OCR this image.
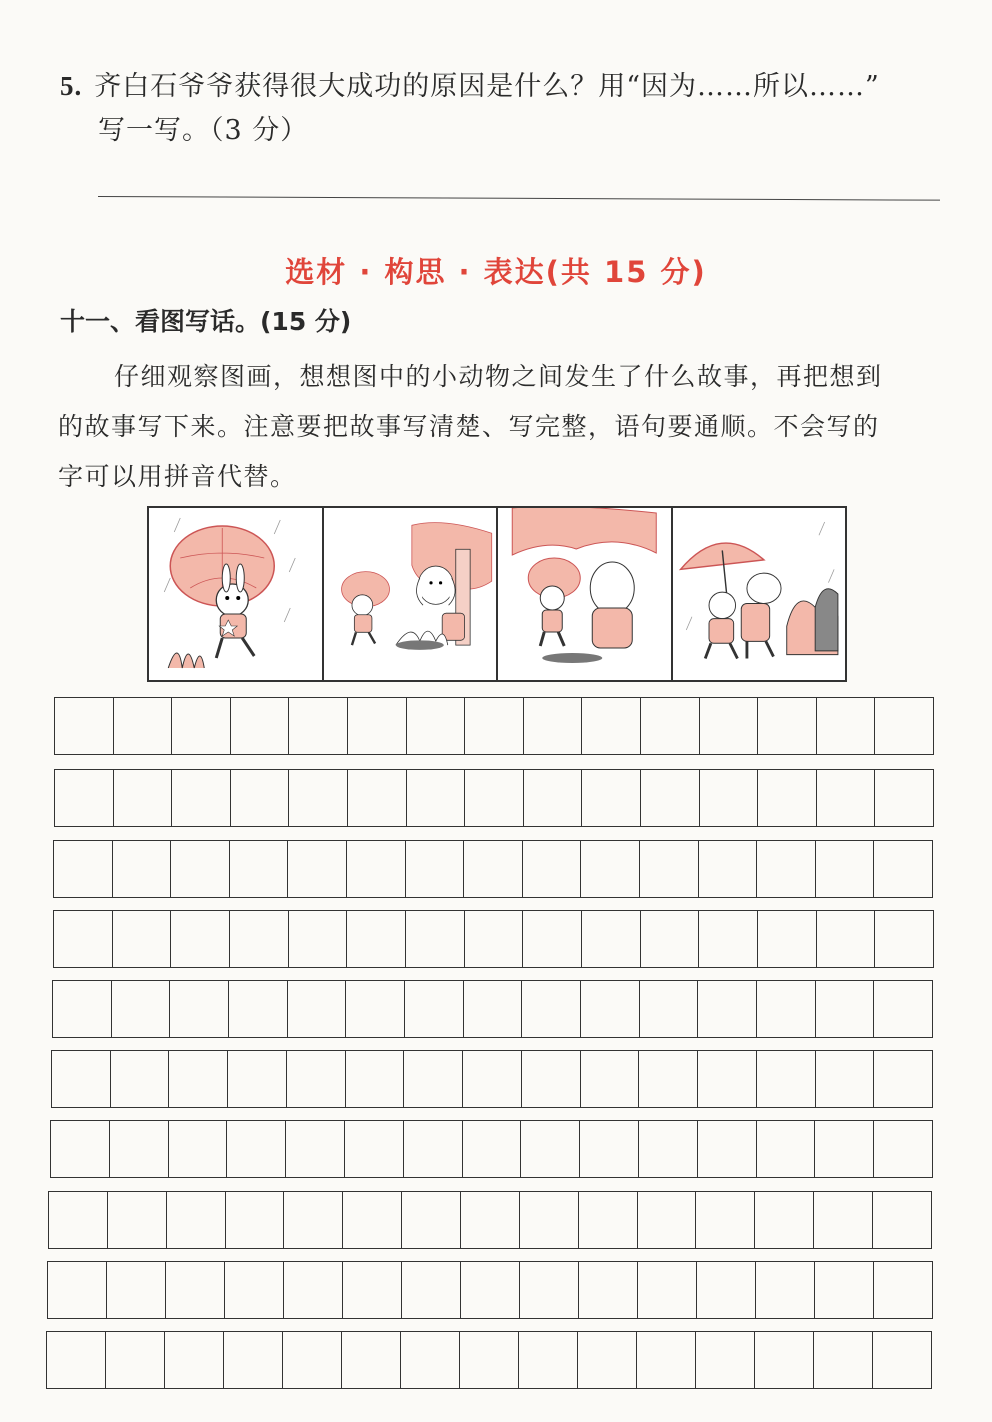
5. 齐白石爷爷获得很大成功的原因是什么？用“因为……所以……”
写一写。（3 分）
选材 · 构思 · 表达(共 15 分)
十一、看图写话。(15 分)
仔细观察图画，想想图中的小动物之间发生了什么故事，再把想到
的故事写下来。注意要把故事写清楚、写完整，语句要通顺。不会写的
字可以用拼音代替。
